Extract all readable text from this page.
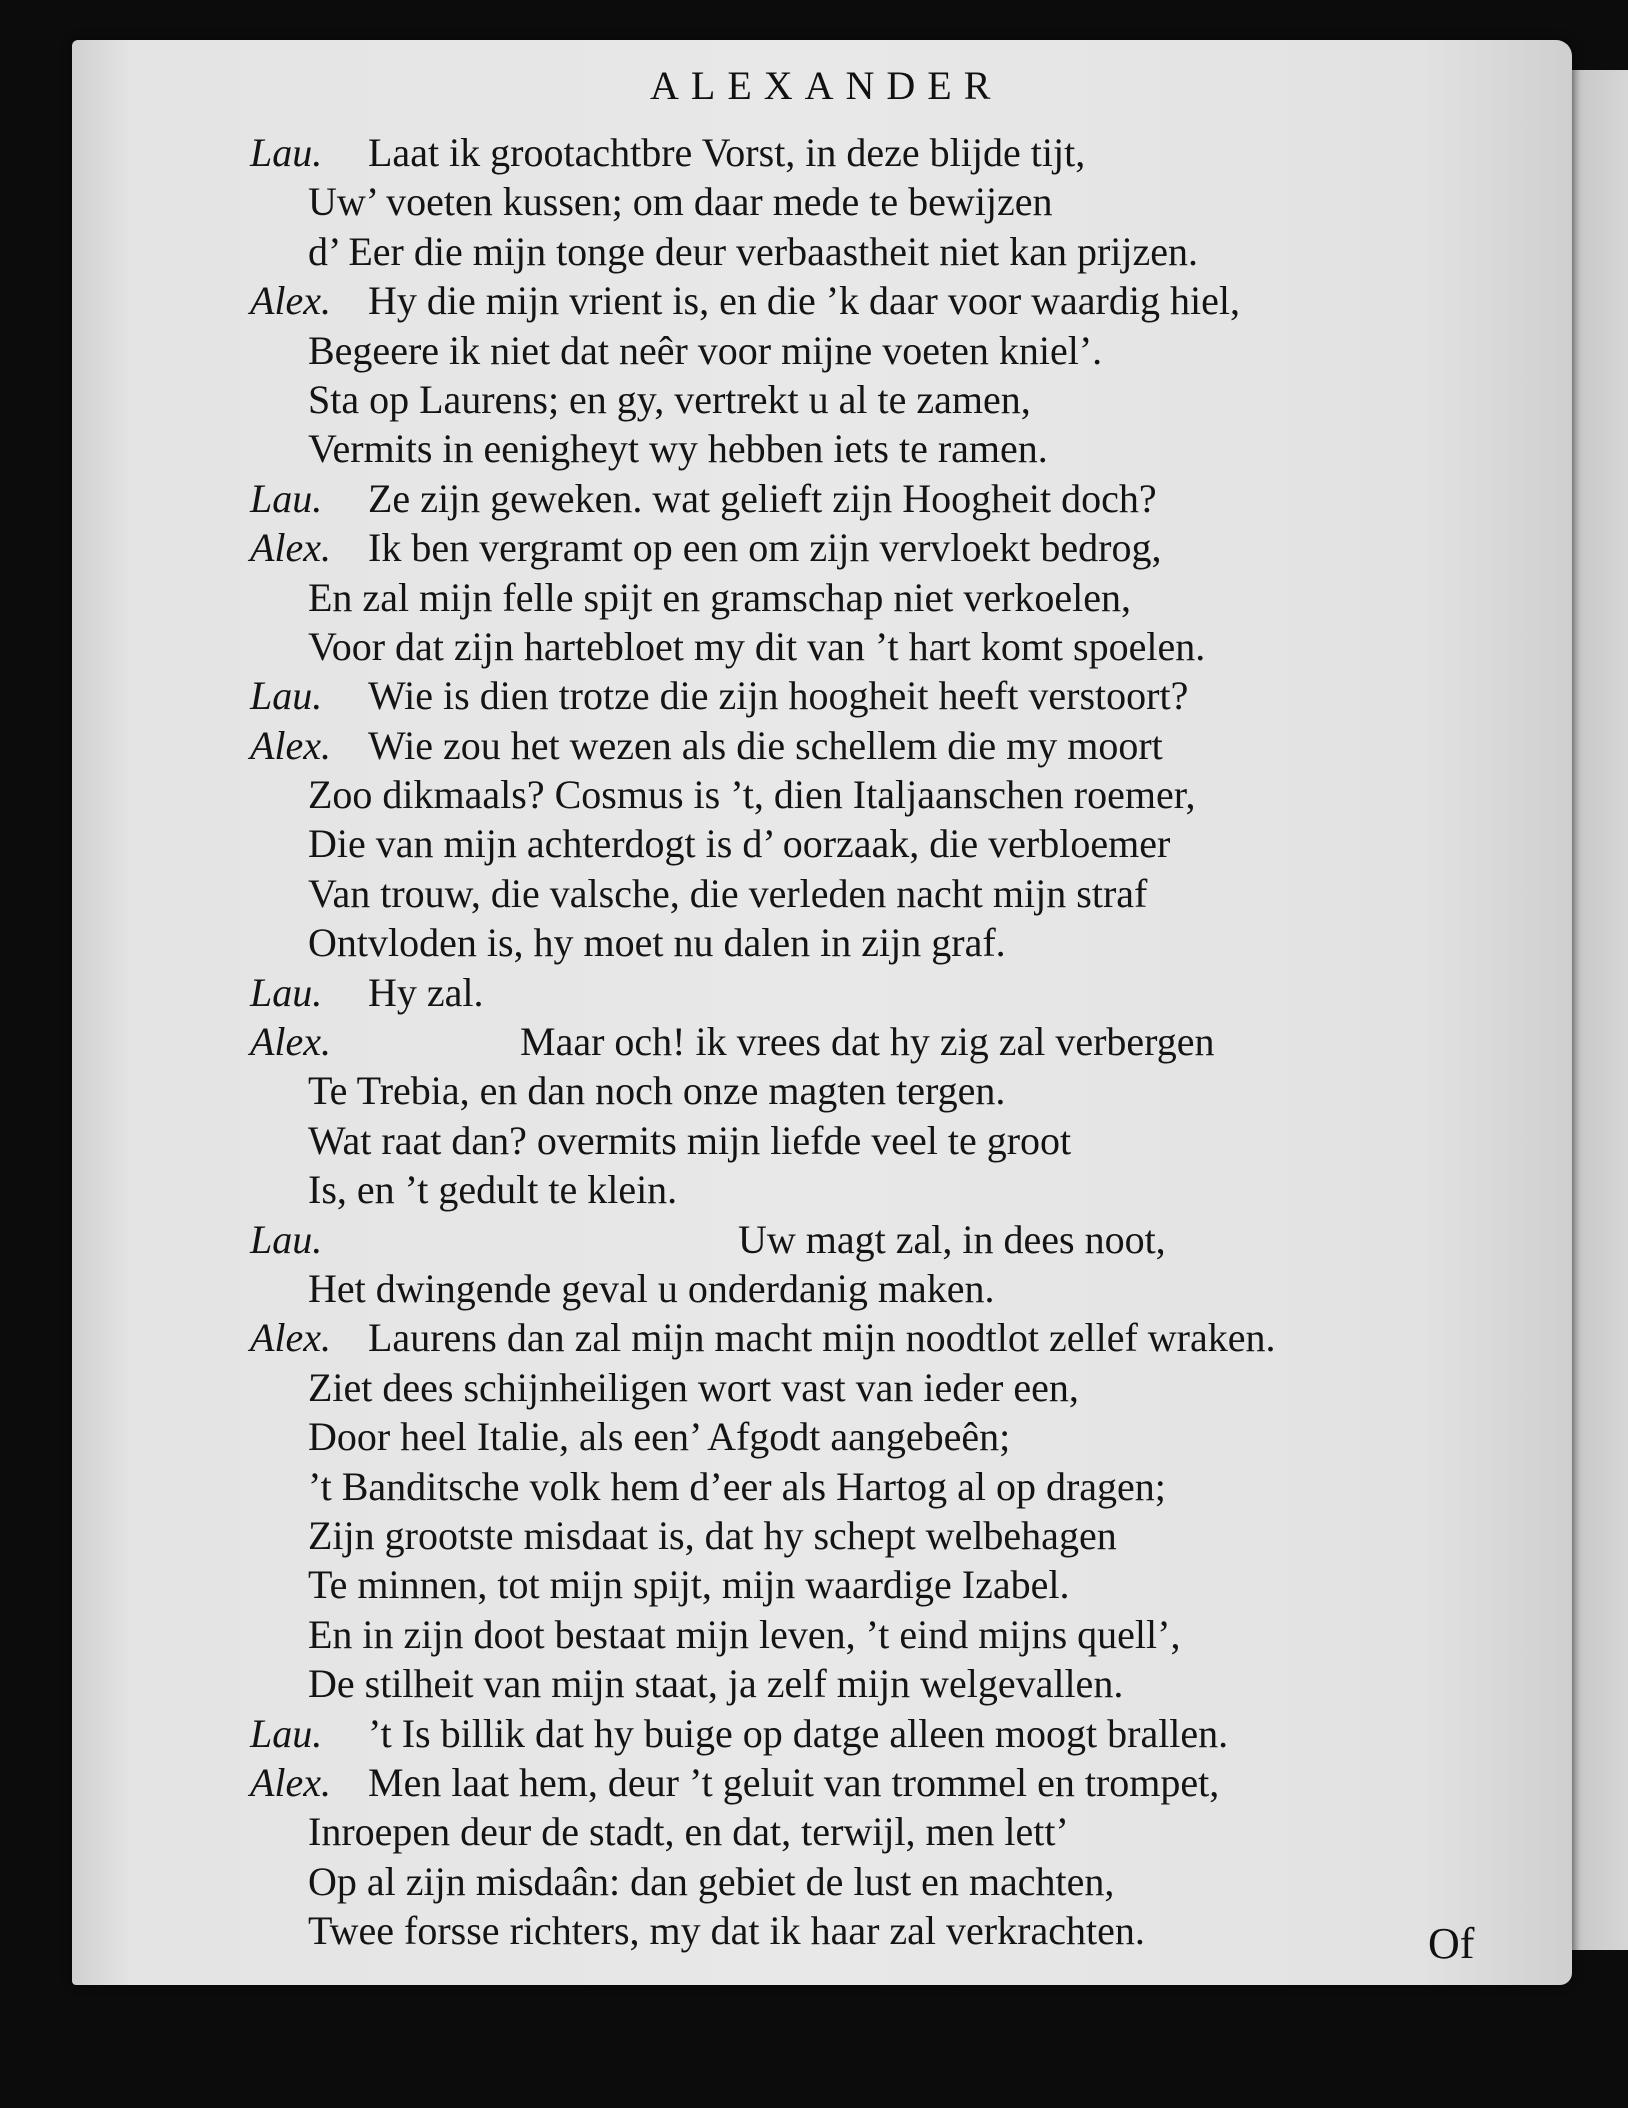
ALEXANDER
Lau. Laat ik grootachtbre Vorst, in deze blijde tijt,
Uw’ voeten kussen; om daar mede te bewijzen
d’ Eer die mijn tonge deur verbaastheit niet kan prijzen.
Alex. Hy die mijn vrient is, en die ’k daar voor waardig hiel,
Begeere ik niet dat neêr voor mijne voeten kniel’.
Sta op Laurens; en gy, vertrekt u al te zamen,
Vermits in eenigheyt wy hebben iets te ramen.
Lau. Ze zijn geweken. wat gelieft zijn Hoogheit doch?
Alex. Ik ben vergramt op een om zijn vervloekt bedrog,
En zal mijn felle spijt en gramschap niet verkoelen,
Voor dat zijn hartebloet my dit van ’t hart komt spoelen.
Lau. Wie is dien trotze die zijn hoogheit heeft verstoort?
Alex. Wie zou het wezen als die schellem die my moort
Zoo dikmaals? Cosmus is ’t, dien Italjaanschen roemer,
Die van mijn achterdogt is d’ oorzaak, die verbloemer
Van trouw, die valsche, die verleden nacht mijn straf
Ontvloden is, hy moet nu dalen in zijn graf.
Lau. Hy zal.
Alex.	Maar och! ik vrees dat hy zig zal verbergen
Te Trebia, en dan noch onze magten tergen.
Wat raat dan? overmits mijn liefde veel te groot
Is, en ’t gedult te klein.
Lau.	Uw magt zal, in dees noot,
Het dwingende geval u onderdanig maken.
Alex. Laurens dan zal mijn macht mijn noodtlot zellef wraken.
Ziet dees schijnheiligen wort vast van ieder een,
Door heel Italie, als een’ Afgodt aangebeên;
’t Banditsche volk hem d’eer als Hartog al op dragen;
Zijn grootste misdaat is, dat hy schept welbehagen
Te minnen, tot mijn spijt, mijn waardige Izabel.
En in zijn doot bestaat mijn leven, ’t eind mijns quell’,
De stilheit van mijn staat, ja zelf mijn welgevallen.
Lau. ’t Is billik dat hy buige op datge alleen moogt brallen.
Alex. Men laat hem, deur ’t geluit van trommel en trompet,
Inroepen deur de stadt, en dat, terwijl, men lett’
Op al zijn misdaân: dan gebiet de lust en machten,
Twee forsse richters, my dat ik haar zal verkrachten.	Of
